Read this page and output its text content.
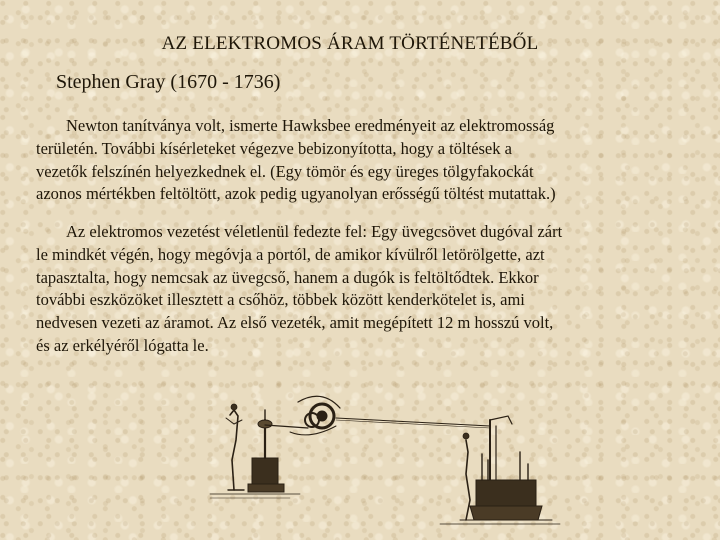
AZ ELEKTROMOS ÁRAM TÖRTÉNETÉBŐL
Stephen Gray (1670 - 1736)
Newton tanítványa volt, ismerte Hawksbee eredményeit az elektromosság
területén. További kísérleteket végezve bebizonyította, hogy a töltések a
vezetők felszínén helyezkednek el. (Egy tömör és egy üreges tölgyfakockát
azonos mértékben feltöltött, azok pedig ugyanolyan erősségű töltést mutattak.)
Az elektromos vezetést véletlenül fedezte fel: Egy üvegcsövet dugóval zárt
le mindkét végén, hogy megóvja a portól, de amikor kívülről letörölgette, azt
tapasztalta, hogy nemcsak az üvegcső, hanem a dugók is feltöltődtek. Ekkor
további eszközöket illesztett a csőhöz, többek között kenderkötelet is, ami
nedvesen vezeti az áramot. Az első vezeték, amit megépített 12 m hosszú volt,
és az erkélyéről lógatta le.
